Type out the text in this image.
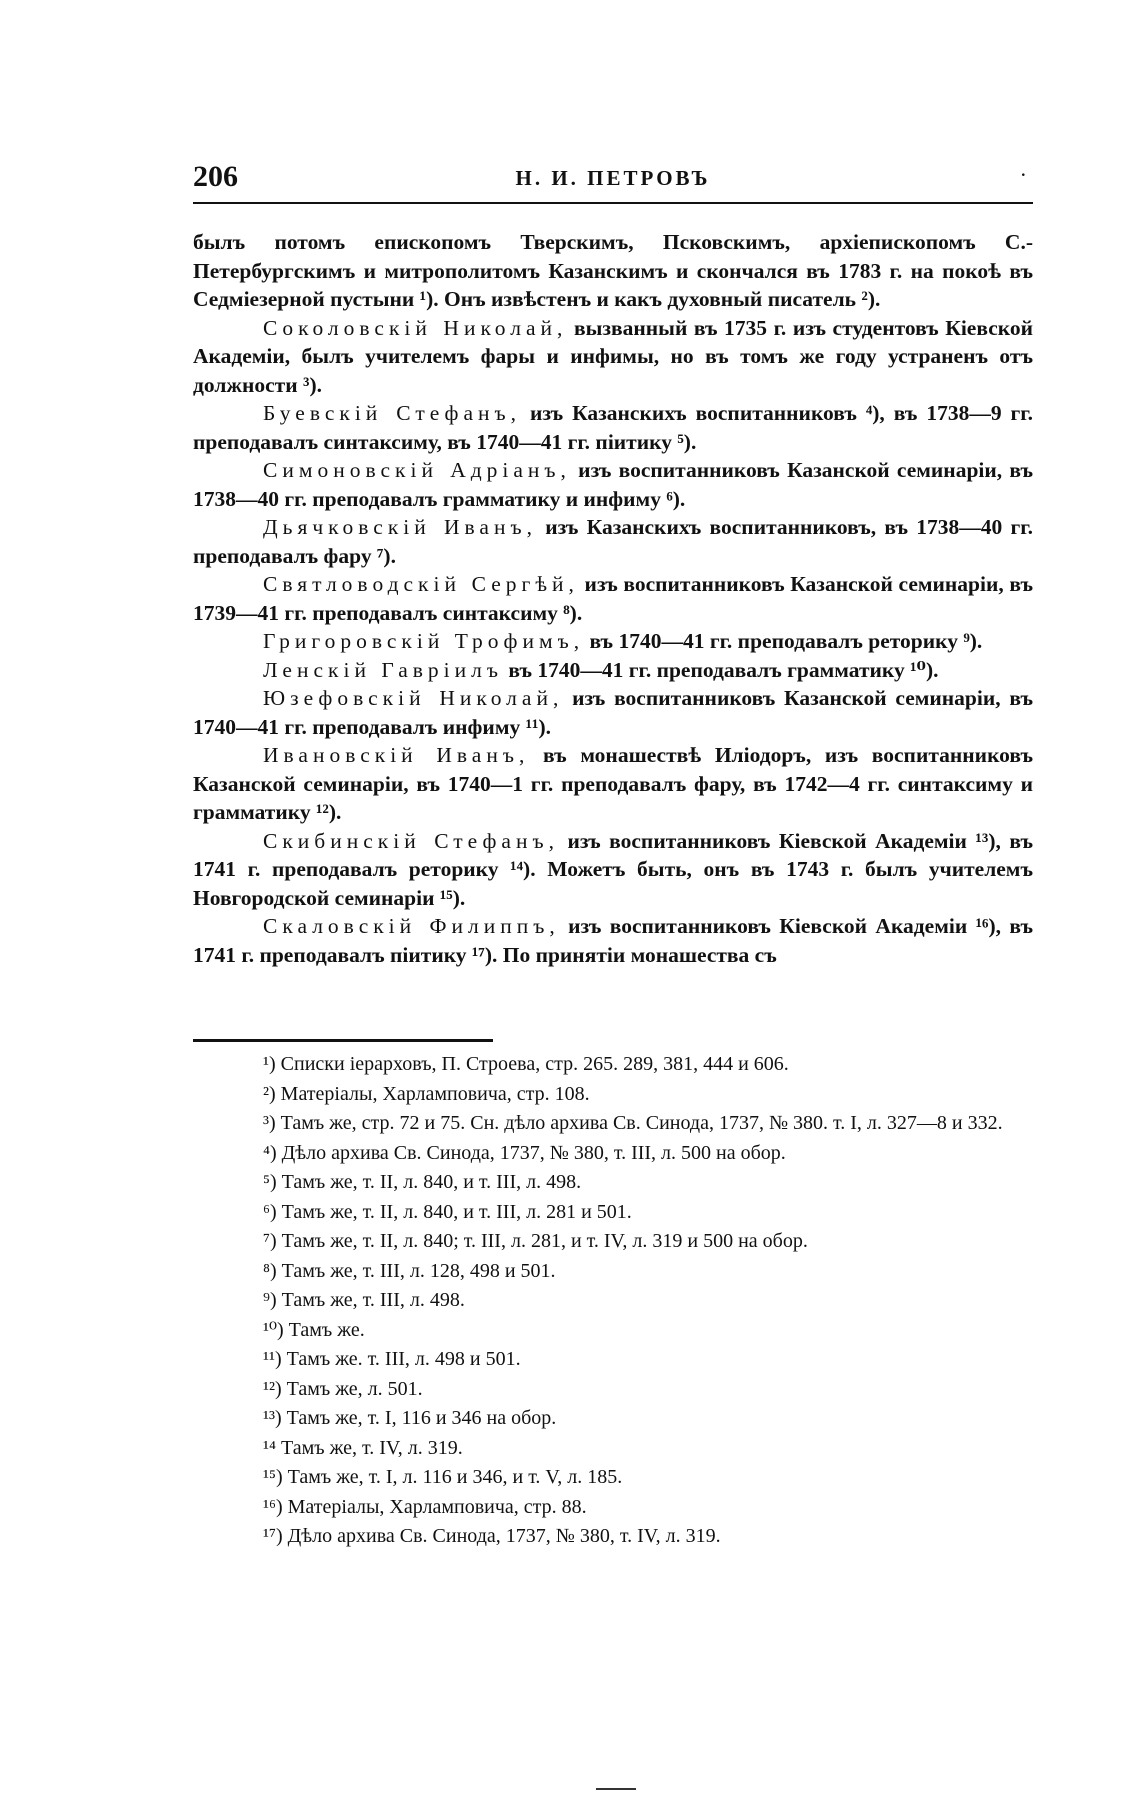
206	Н. И. ПЕТРОВЪ	·

былъ потомъ епископомъ Тверскимъ, Псковскимъ, архіепископомъ С.-Петербургскимъ и митрополитомъ Казанскимъ и скончался въ 1783 г. на покоѣ въ Седміезерной пустыни ¹). Онъ извѣстенъ и какъ духовный писатель ²).

Соколовскій Николай, вызванный въ 1735 г. изъ студентовъ Кіевской Академіи, былъ учителемъ фары и инфимы, но въ томъ же году устраненъ отъ должности ³).

Буевскій Стефанъ, изъ Казанскихъ воспитанниковъ ⁴), въ 1738—9 гг. преподавалъ синтаксиму, въ 1740—41 гг. піитику ⁵).

Симоновскій Адріанъ, изъ воспитанниковъ Казанской семинаріи, въ 1738—40 гг. преподавалъ грамматику и инфиму ⁶).

Дьячковскій Иванъ, изъ Казанскихъ воспитанниковъ, въ 1738—40 гг. преподавалъ фару ⁷).

Святловодскій Сергѣй, изъ воспитанниковъ Казанской семинаріи, въ 1739—41 гг. преподавалъ синтаксиму ⁸).

Григоровскій Трофимъ, въ 1740—41 гг. преподавалъ реторику ⁹).

Ленскій Гавріилъ въ 1740—41 гг. преподавалъ грамматику ¹⁰).

Юзефовскій Николай, изъ воспитанниковъ Казанской семинаріи, въ 1740—41 гг. преподавалъ инфиму ¹¹).

Ивановскій Иванъ, въ монашествѣ Иліодоръ, изъ воспитанниковъ Казанской семинаріи, въ 1740—1 гг. преподавалъ фару, въ 1742—4 гг. синтаксиму и грамматику ¹²).

Скибинскій Стефанъ, изъ воспитанниковъ Кіевской Академіи ¹³), въ 1741 г. преподавалъ реторику ¹⁴). Можетъ быть, онъ въ 1743 г. былъ учителемъ Новгородской семинаріи ¹⁵).

Скаловскій Филиппъ, изъ воспитанниковъ Кіевской Академіи ¹⁶), въ 1741 г. преподавалъ піитику ¹⁷). По принятіи монашества съ

¹) Списки іерарховъ, П. Строева, стр. 265. 289, 381, 444 и 606.

²) Матеріалы, Харламповича, стр. 108.

³) Тамъ же, стр. 72 и 75. Сн. дѣло архива Св. Синода, 1737, № 380. т. I, л. 327—8 и 332.

⁴) Дѣло архива Св. Синода, 1737, № 380, т. III, л. 500 на обор.

⁵) Тамъ же, т. II, л. 840, и т. III, л. 498.

⁶) Тамъ же, т. II, л. 840, и т. III, л. 281 и 501.

⁷) Тамъ же, т. II, л. 840; т. III, л. 281, и т. IV, л. 319 и 500 на обор.

⁸) Тамъ же, т. III, л. 128, 498 и 501.

⁹) Тамъ же, т. III, л. 498.

¹⁰) Тамъ же.

¹¹) Тамъ же. т. III, л. 498 и 501.

¹²) Тамъ же, л. 501.

¹³) Тамъ же, т. I, 116 и 346 на обор.

¹⁴ Тамъ же, т. IV, л. 319.

¹⁵) Тамъ же, т. I, л. 116 и 346, и т. V, л. 185.

¹⁶) Матеріалы, Харламповича, стр. 88.

¹⁷) Дѣло архива Св. Синода, 1737, № 380, т. IV, л. 319.
